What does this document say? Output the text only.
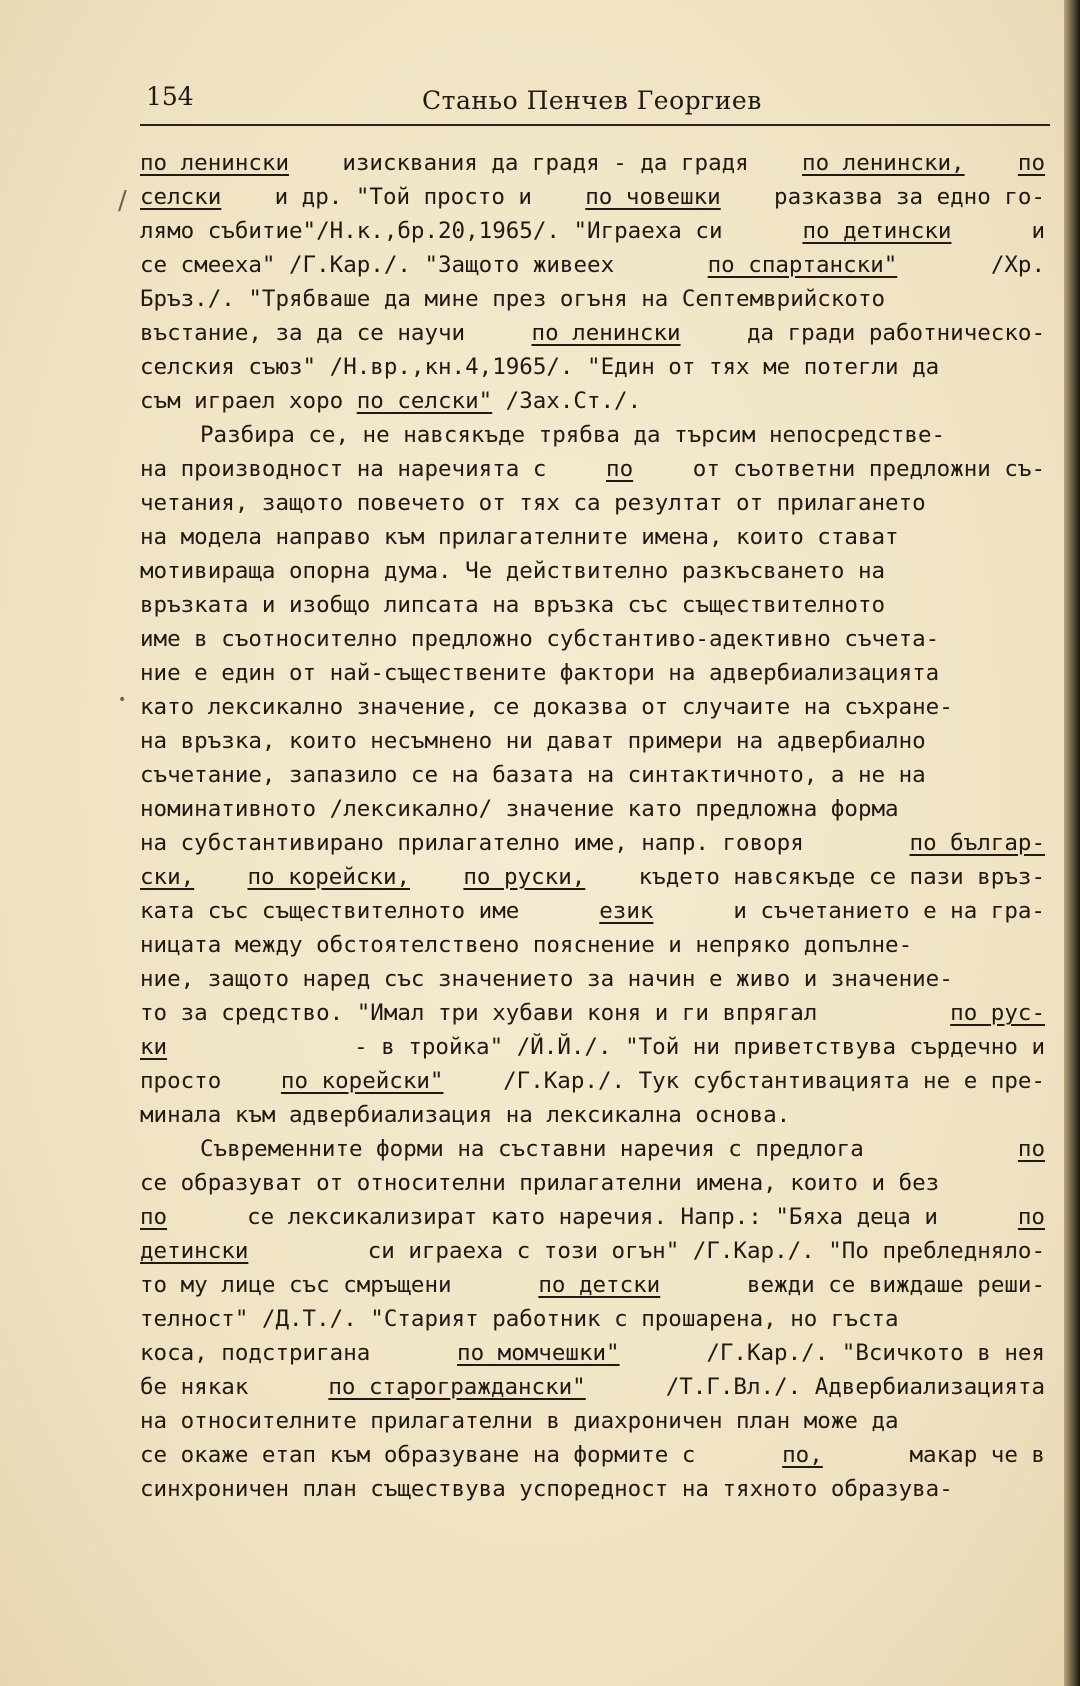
154	Станьо Пенчев Георгиев
/
•
по ленински изисквания да градя - да градя по ленински, по
селски и др. "Той просто и по човешки разказва за едно го-
лямо събитие"/Н.к.,бр.20,1965/. "Играеха си	по детински	и
се смееха" /Г.Кар./. "Защото живеех	по спартански"	/Хр.
Бръз./. "Трябваше да мине през огъня на Септемврийското
въстание, за да се научи	по ленински	да гради работническо-
селския съюз" /Н.вр.,кн.4,1965/. "Един от тях ме потегли да
съм играел хоро по селски" /Зах.Ст./.
Разбира се, не навсякъде трябва да търсим непосредстве-
на производност на наречията с	по	от съответни предложни съ-
четания, защото повечето от тях са резултат от прилагането
на модела направо към прилагателните имена, които стават
мотивираща опорна дума. Че действително разкъсването на
връзката и изобщо липсата на връзка със съществителното
име в съотносително предложно субстантиво-адективно съчета-
ние е един от най-съществените фактори на адвербиализацията
като лексикално значение, се доказва от случаите на съхране-
на връзка, които несъмнено ни дават примери на адвербиално
съчетание, запазило се на базата на синтактичното, а не на
номинативното /лексикално/ значение като предложна форма
на субстантивирано прилагателно име, напр. говоря	по българ-
ски, по корейски, по руски, където навсякъде се пази връз-
ката със съществителното име	език	и съчетанието е на гра-
ницата между обстоятелствено пояснение и непряко допълне-
ние, защото наред със значението за начин е живо и значение-
то за средство. "Имал три хубави коня и ги впрягал	по рус-
ки	- в тройка" /Й.Й./. "Той ни приветствува сърдечно и
просто	по корейски"	/Г.Кар./. Тук субстантивацията не е пре-
минала към адвербиализация на лексикална основа.
Съвременните форми на съставни наречия с предлога	по
се образуват от относителни прилагателни имена, които и без
по	се лексикализират като наречия. Напр.: "Бяха деца и	по
детински	си играеха с този огън" /Г.Кар./. "По пребледняло-
то му лице със смръщени	по детски	вежди се виждаше реши-
телност" /Д.Т./. "Старият работник с прошарена, но гъста
коса, подстригана	по момчешки"	/Г.Кар./. "Всичкото в нея
бе някак	по старограждански"	/Т.Г.Вл./. Адвербиализацията
на относителните прилагателни в диахроничен план може да
се окаже етап към образуване на формите с	по,	макар че в
синхроничен план съществува успоредност на тяхното образува-
